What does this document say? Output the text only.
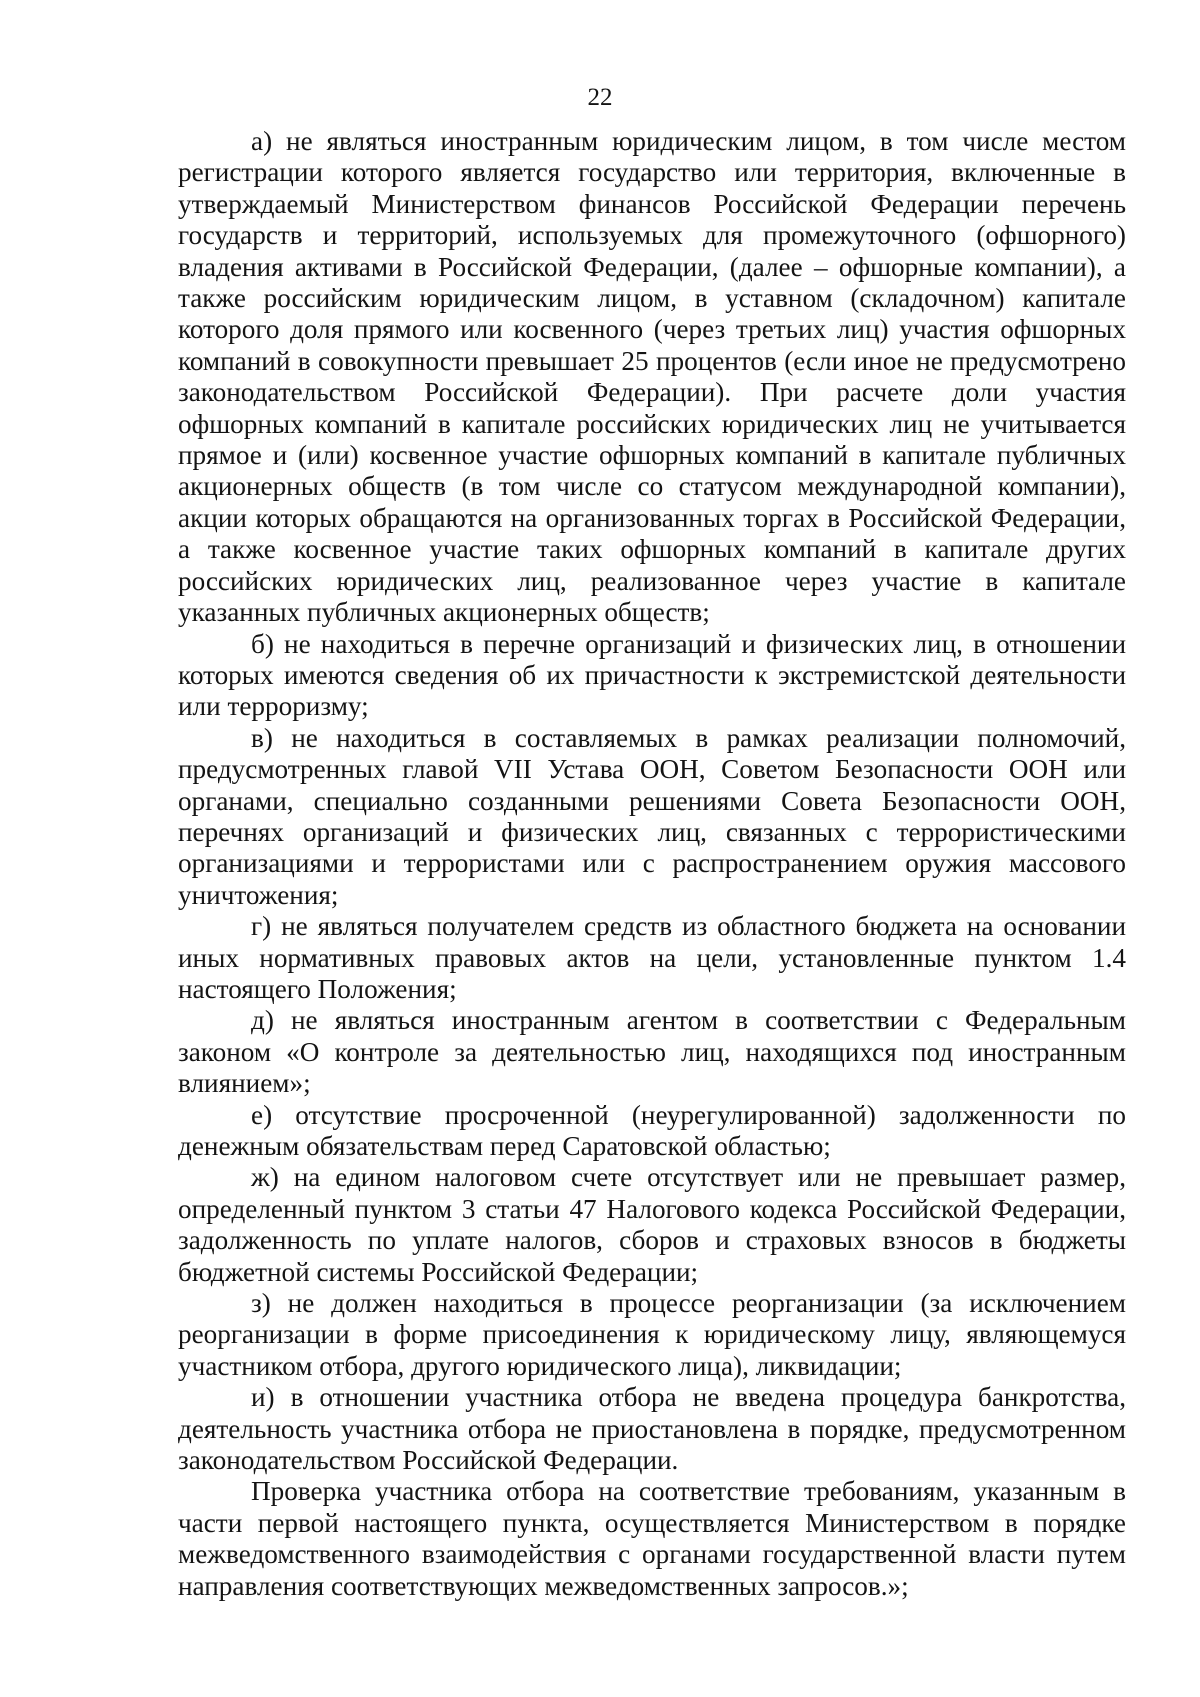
22

а) не являться иностранным юридическим лицом, в том числе местом регистрации которого является государство или территория, включенные в утверждаемый Министерством финансов Российской Федерации перечень государств и территорий, используемых для промежуточного (офшорного) владения активами в Российской Федерации, (далее – офшорные компании), а также российским юридическим лицом, в уставном (складочном) капитале которого доля прямого или косвенного (через третьих лиц) участия офшорных компаний в совокупности превышает 25 процентов (если иное не предусмотрено законодательством Российской Федерации). При расчете доли участия офшорных компаний в капитале российских юридических лиц не учитывается прямое и (или) косвенное участие офшорных компаний в капитале публичных акционерных обществ (в том числе со статусом международной компании), акции которых обращаются на организованных торгах в Российской Федерации, а также косвенное участие таких офшорных компаний в капитале других российских юридических лиц, реализованное через участие в капитале указанных публичных акционерных обществ;

б) не находиться в перечне организаций и физических лиц, в отношении которых имеются сведения об их причастности к экстремистской деятельности или терроризму;

в) не находиться в составляемых в рамках реализации полномочий, предусмотренных главой VII Устава ООН, Советом Безопасности ООН или органами, специально созданными решениями Совета Безопасности ООН, перечнях организаций и физических лиц, связанных с террористическими организациями и террористами или с распространением оружия массового уничтожения;

г) не являться получателем средств из областного бюджета на основании иных нормативных правовых актов на цели, установленные пунктом 1.4 настоящего Положения;

д) не являться иностранным агентом в соответствии с Федеральным законом «О контроле за деятельностью лиц, находящихся под иностранным влиянием»;

е) отсутствие просроченной (неурегулированной) задолженности по денежным обязательствам перед Саратовской областью;

ж) на едином налоговом счете отсутствует или не превышает размер, определенный пунктом 3 статьи 47 Налогового кодекса Российской Федерации, задолженность по уплате налогов, сборов и страховых взносов в бюджеты бюджетной системы Российской Федерации;

з) не должен находиться в процессе реорганизации (за исключением реорганизации в форме присоединения к юридическому лицу, являющемуся участником отбора, другого юридического лица), ликвидации;

и) в отношении участника отбора не введена процедура банкротства, деятельность участника отбора не приостановлена в порядке, предусмотренном законодательством Российской Федерации.

Проверка участника отбора на соответствие требованиям, указанным в части первой настоящего пункта, осуществляется Министерством в порядке межведомственного взаимодействия с органами государственной власти путем направления соответствующих межведомственных запросов.»;
